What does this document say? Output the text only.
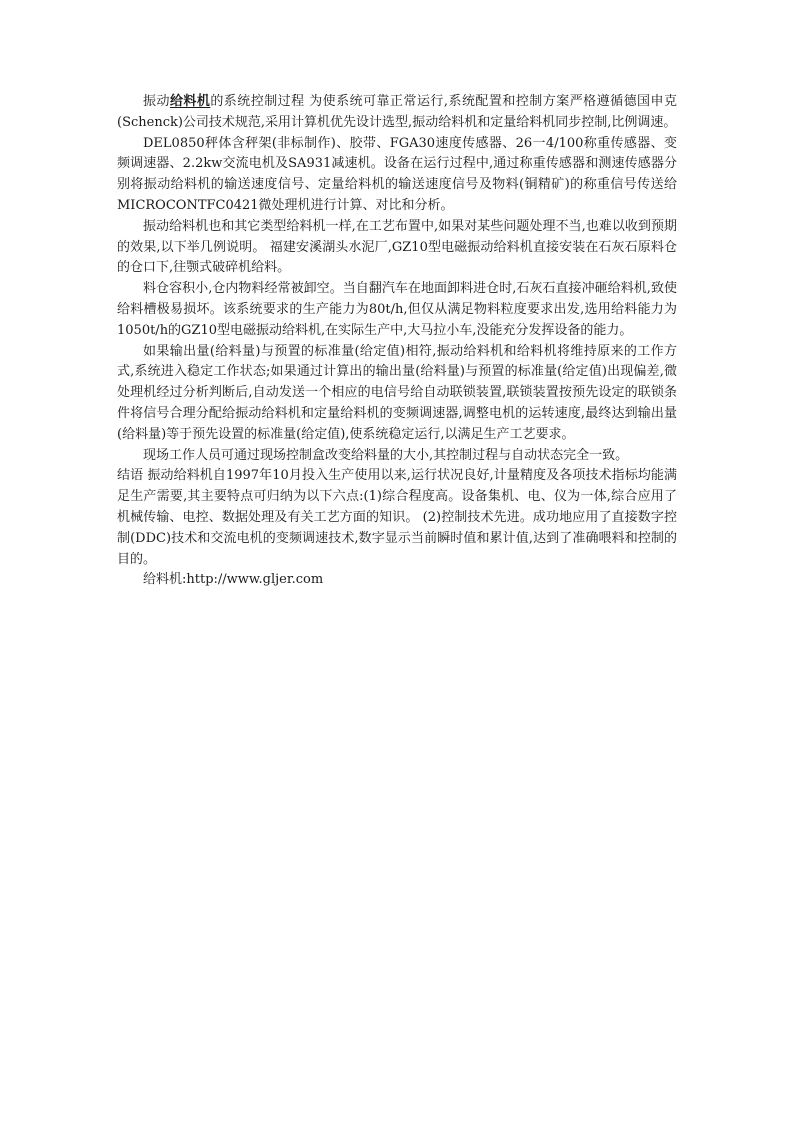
振动给料机的系统控制过程 为使系统可靠正常运行,系统配置和控制方案严格遵循德国申克(Schenck)公司技术规范,采用计算机优先设计选型,振动给料机和定量给料机同步控制,比例调速。

DEL0850秤体含秤架(非标制作)、胶带、FGA30速度传感器、26一4/100称重传感器、变频调速器、2.2kw交流电机及SA931减速机。设备在运行过程中,通过称重传感器和测速传感器分别将振动给料机的输送速度信号、定量给料机的输送速度信号及物料(铜精矿)的称重信号传送给MICROCONTFC0421微处理机进行计算、对比和分析。

振动给料机也和其它类型给料机一样,在工艺布置中,如果对某些问题处理不当,也难以收到预期的效果,以下举几例说明。 福建安溪湖头水泥厂,GZ10型电磁振动给料机直接安装在石灰石原料仓的仓口下,往颚式破碎机给料。

料仓容积小,仓内物料经常被卸空。当自翻汽车在地面卸料进仓时,石灰石直接冲砸给料机,致使给料槽极易损坏。该系统要求的生产能力为80t/h,但仅从满足物料粒度要求出发,选用给料能力为1050t/h的GZ10型电磁振动给料机,在实际生产中,大马拉小车,没能充分发挥设备的能力。

如果输出量(给料量)与预置的标准量(给定值)相符,振动给料机和给料机将维持原来的工作方式,系统进入稳定工作状态;如果通过计算出的输出量(给料量)与预置的标准量(给定值)出现偏差,微处理机经过分析判断后,自动发送一个相应的电信号给自动联锁装置,联锁装置按预先设定的联锁条件将信号合理分配给振动给料机和定量给料机的变频调速器,调整电机的运转速度,最终达到输出量(给料量)等于预先设置的标准量(给定值),使系统稳定运行,以满足生产工艺要求。

现场工作人员可通过现场控制盒改变给料量的大小,其控制过程与自动状态完全一致。

结语 振动给料机自1997年10月投入生产使用以来,运行状况良好,计量精度及各项技术指标均能满足生产需要,其主要特点可归纳为以下六点:(1)综合程度高。设备集机、电、仪为一体,综合应用了机械传输、电控、数据处理及有关工艺方面的知识。 (2)控制技术先进。成功地应用了直接数字控制(DDC)技术和交流电机的变频调速技术,数字显示当前瞬时值和累计值,达到了准确喂料和控制的目的。

给料机:http://www.gljer.com
